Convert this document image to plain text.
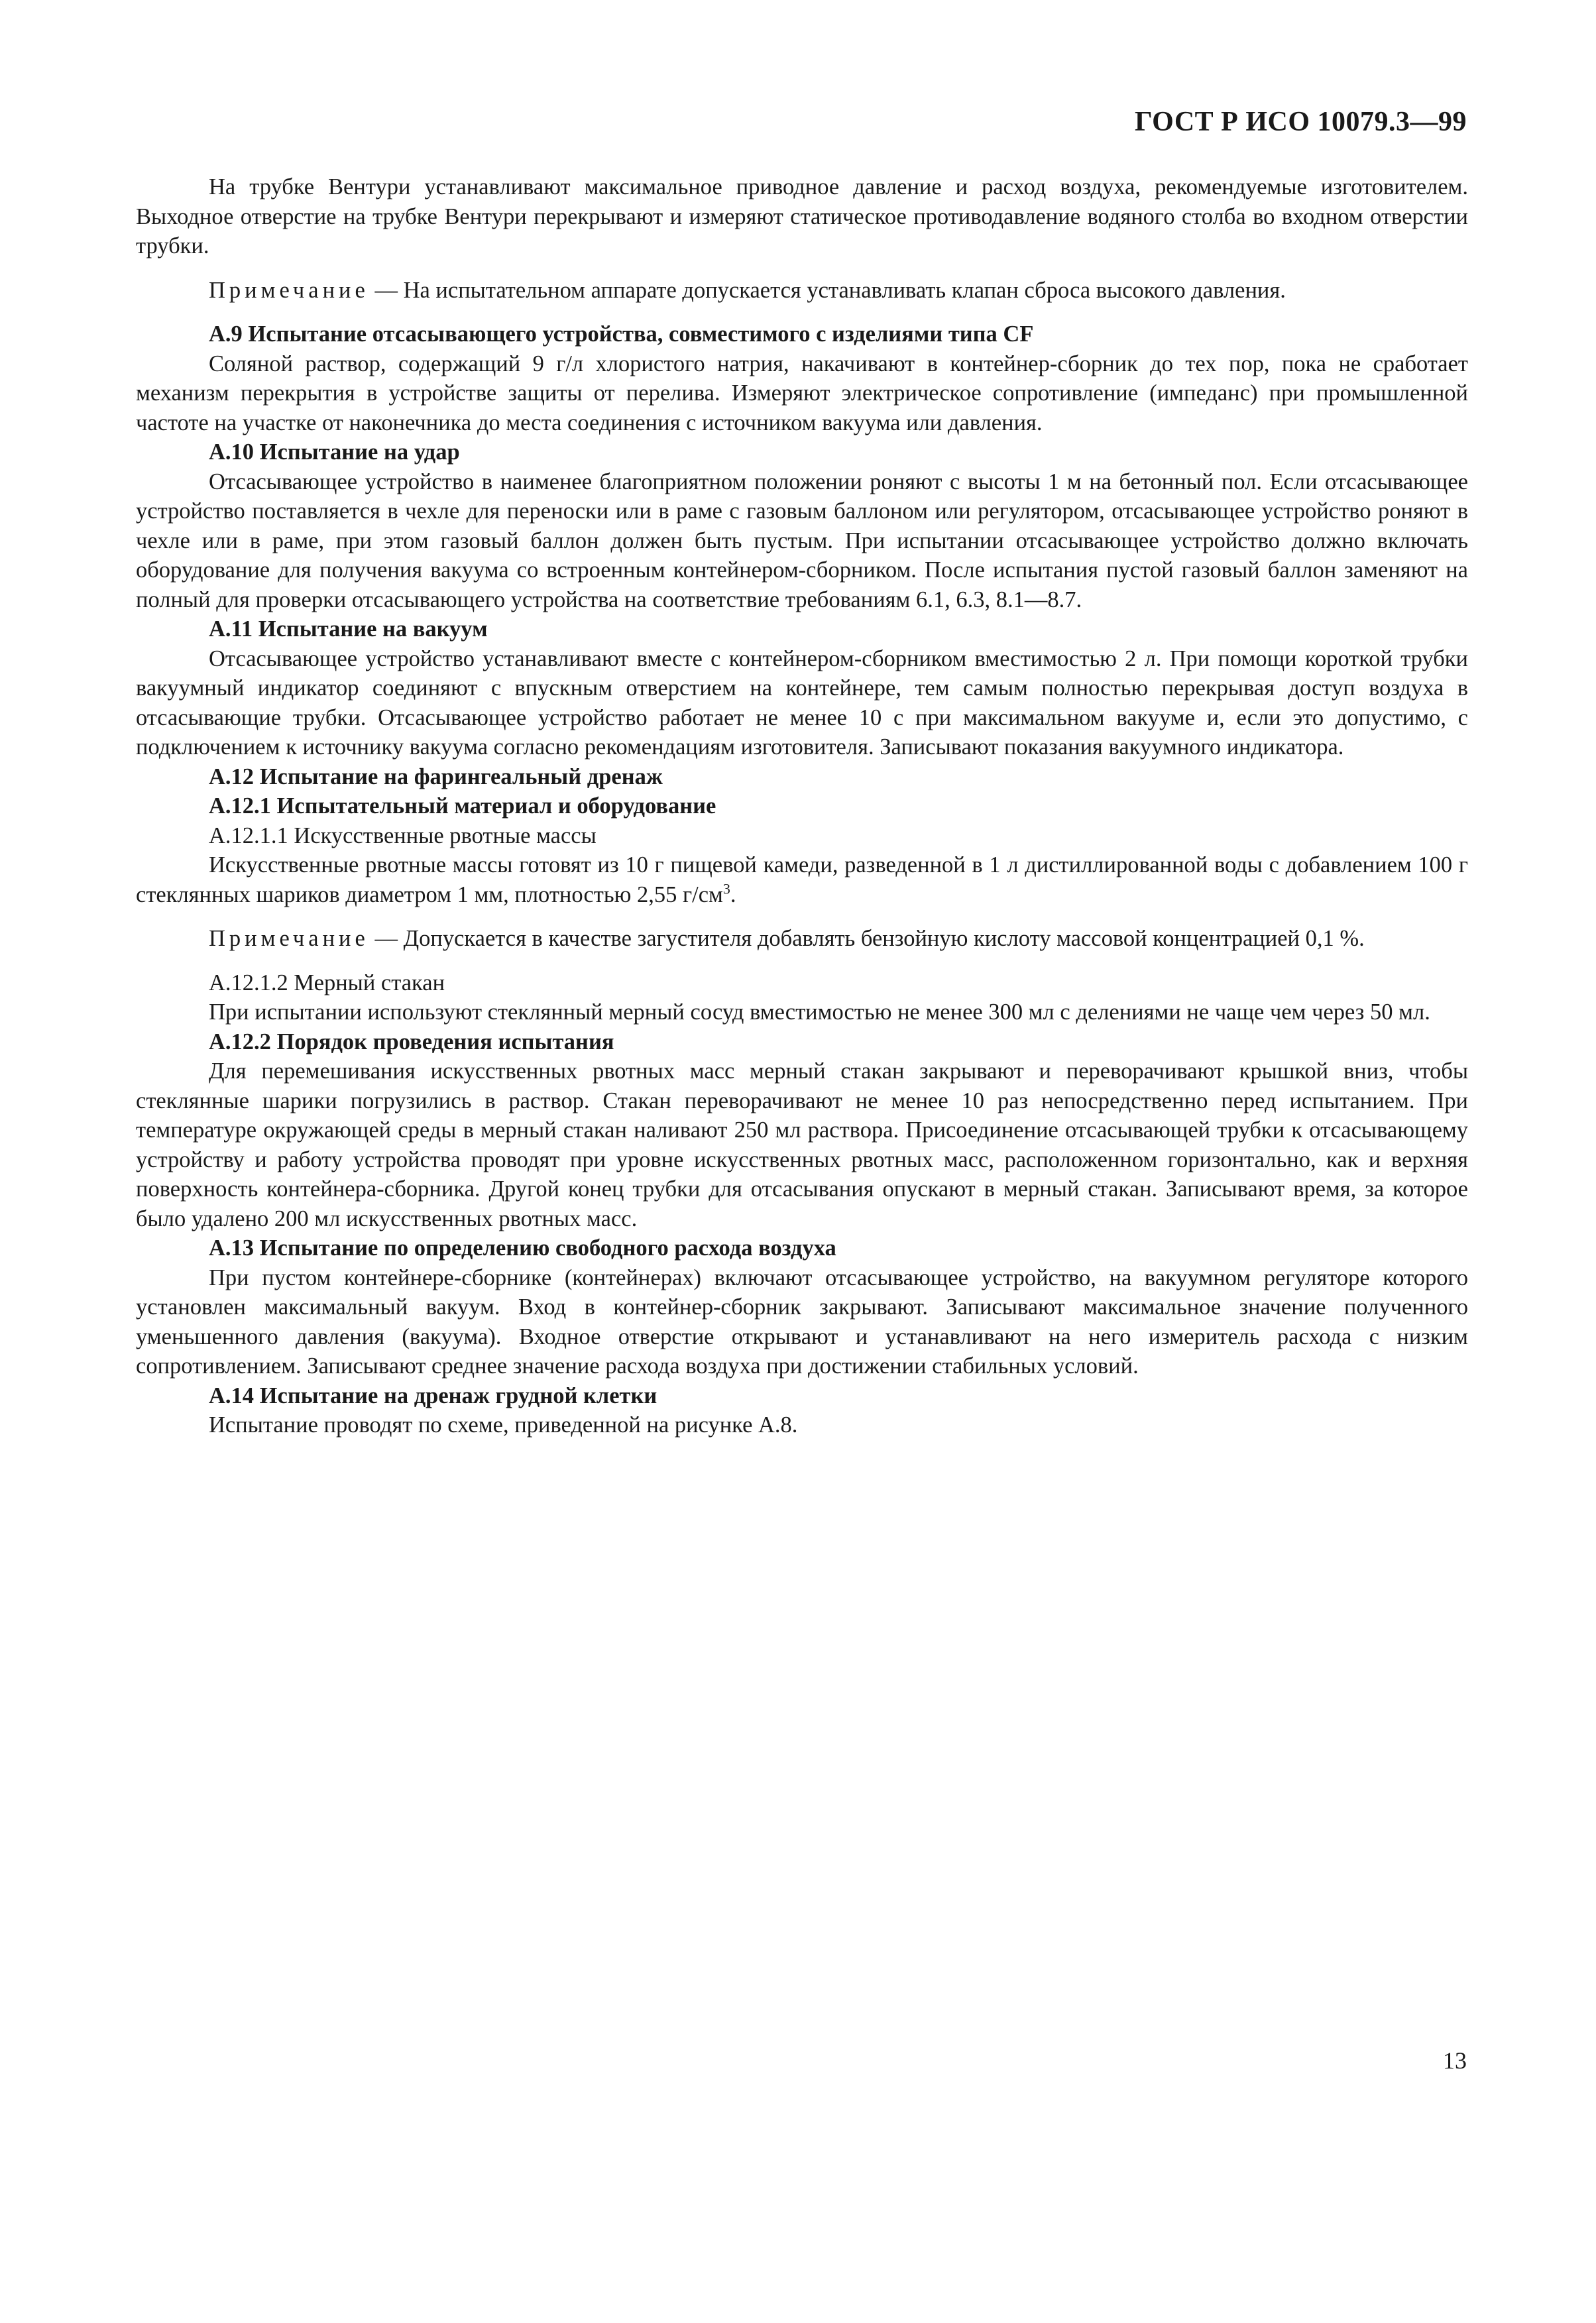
ГОСТ Р ИСО 10079.3—99

На трубке Вентури устанавливают максимальное приводное давление и расход воздуха, рекомендуемые изготовителем. Выходное отверстие на трубке Вентури перекрывают и измеряют статическое противодавление водяного столба во входном отверстии трубки.

Примечание — На испытательном аппарате допускается устанавливать клапан сброса высокого давления.

А.9 Испытание отсасывающего устройства, совместимого с изделиями типа CF

Соляной раствор, содержащий 9 г/л хлористого натрия, накачивают в контейнер-сборник до тех пор, пока не сработает механизм перекрытия в устройстве защиты от перелива. Измеряют электрическое сопротивление (импеданс) при промышленной частоте на участке от наконечника до места соединения с источником вакуума или давления.

А.10 Испытание на удар

Отсасывающее устройство в наименее благоприятном положении роняют с высоты 1 м на бетонный пол. Если отсасывающее устройство поставляется в чехле для переноски или в раме с газовым баллоном или регулятором, отсасывающее устройство роняют в чехле или в раме, при этом газовый баллон должен быть пустым. При испытании отсасывающее устройство должно включать оборудование для получения вакуума со встроенным контейнером-сборником. После испытания пустой газовый баллон заменяют на полный для проверки отсасывающего устройства на соответствие требованиям 6.1, 6.3, 8.1—8.7.

А.11 Испытание на вакуум

Отсасывающее устройство устанавливают вместе с контейнером-сборником вместимостью 2 л. При помощи короткой трубки вакуумный индикатор соединяют с впускным отверстием на контейнере, тем самым полностью перекрывая доступ воздуха в отсасывающие трубки. Отсасывающее устройство работает не менее 10 с при максимальном вакууме и, если это допустимо, с подключением к источнику вакуума согласно рекомендациям изготовителя. Записывают показания вакуумного индикатора.

А.12 Испытание на фарингеальный дренаж

А.12.1 Испытательный материал и оборудование

А.12.1.1 Искусственные рвотные массы

Искусственные рвотные массы готовят из 10 г пищевой камеди, разведенной в 1 л дистиллированной воды с добавлением 100 г стеклянных шариков диаметром 1 мм, плотностью 2,55 $г/см^3$.

Примечание — Допускается в качестве загустителя добавлять бензойную кислоту массовой концентрацией 0,1 %.

А.12.1.2 Мерный стакан

При испытании используют стеклянный мерный сосуд вместимостью не менее 300 мл с делениями не чаще чем через 50 мл.

А.12.2 Порядок проведения испытания

Для перемешивания искусственных рвотных масс мерный стакан закрывают и переворачивают крышкой вниз, чтобы стеклянные шарики погрузились в раствор. Стакан переворачивают не менее 10 раз непосредственно перед испытанием. При температуре окружающей среды в мерный стакан наливают 250 мл раствора. Присоединение отсасывающей трубки к отсасывающему устройству и работу устройства проводят при уровне искусственных рвотных масс, расположенном горизонтально, как и верхняя поверхность контейнера-сборника. Другой конец трубки для отсасывания опускают в мерный стакан. Записывают время, за которое было удалено 200 мл искусственных рвотных масс.

А.13 Испытание по определению свободного расхода воздуха

При пустом контейнере-сборнике (контейнерах) включают отсасывающее устройство, на вакуумном регуляторе которого установлен максимальный вакуум. Вход в контейнер-сборник закрывают. Записывают максимальное значение полученного уменьшенного давления (вакуума). Входное отверстие открывают и устанавливают на него измеритель расхода с низким сопротивлением. Записывают среднее значение расхода воздуха при достижении стабильных условий.

А.14 Испытание на дренаж грудной клетки

Испытание проводят по схеме, приведенной на рисунке А.8.

13
